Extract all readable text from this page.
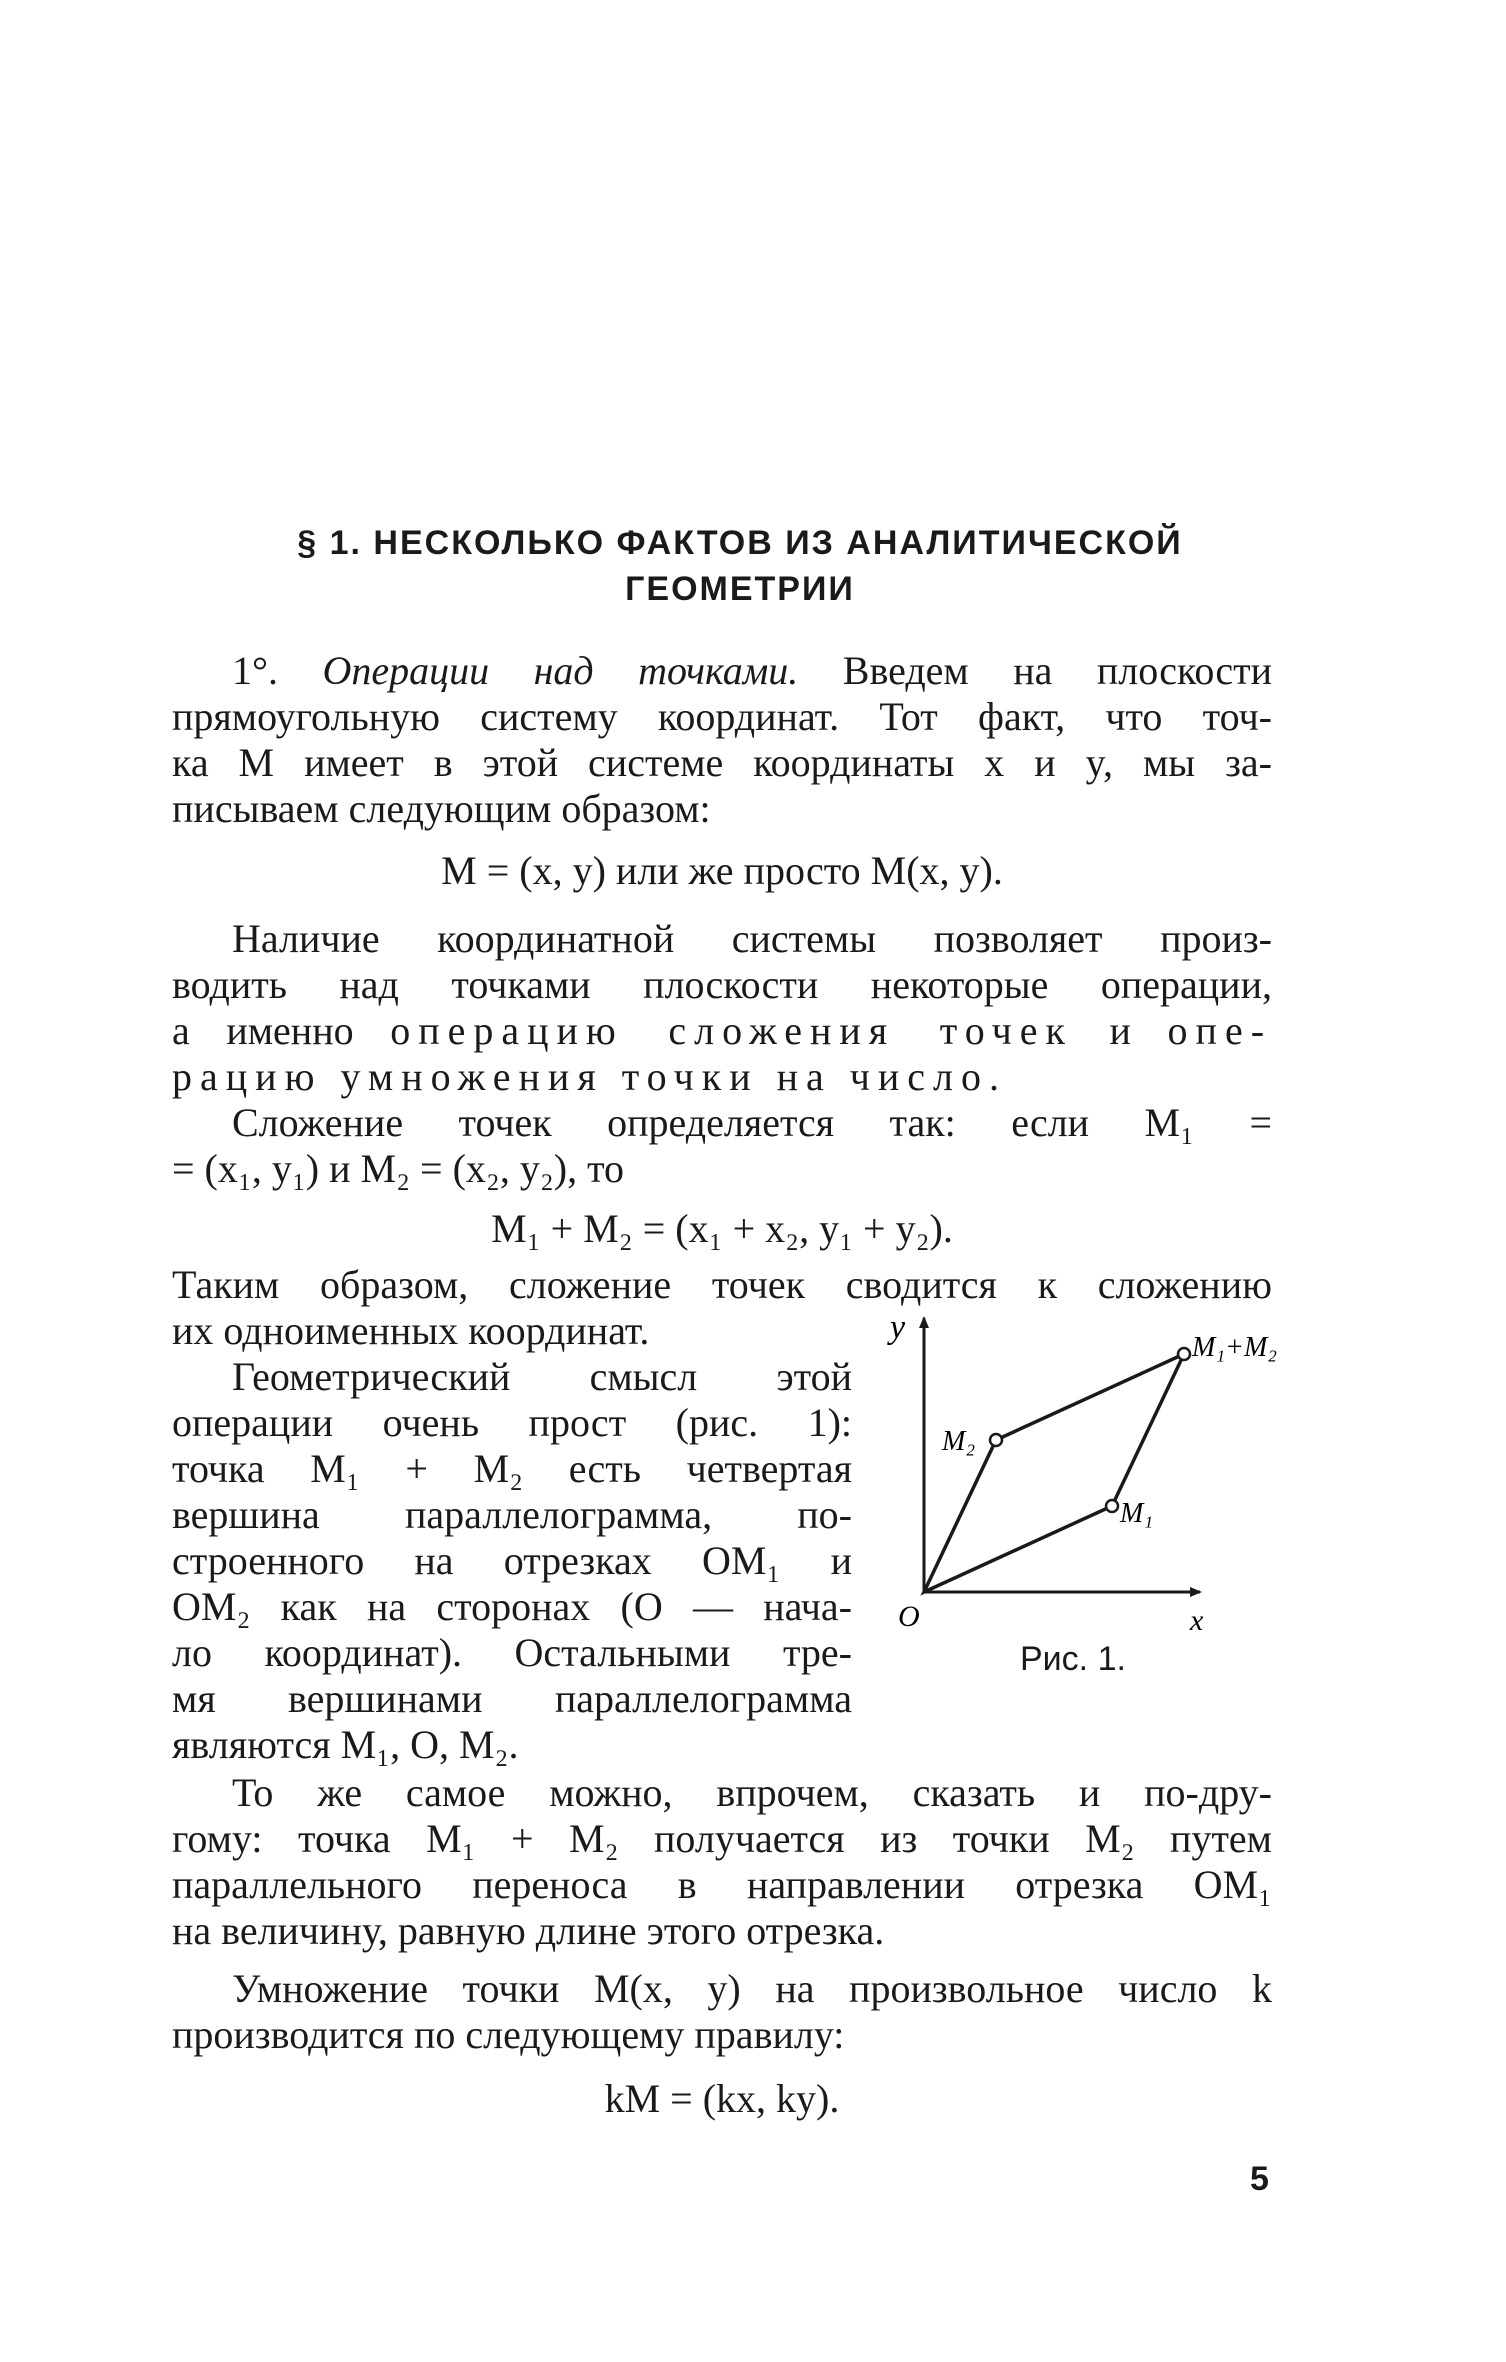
§ 1. НЕСКОЛЬКО ФАКТОВ ИЗ АНАЛИТИЧЕСКОЙ
ГЕОМЕТРИИ
1°. Операции над точками. Введем на плоскости
прямоугольную систему координат. Тот факт, что точ-
ка M имеет в этой системе координаты x и y, мы за-
писываем следующим образом:
M = (x, y) или же просто M(x, y).
Наличие координатной системы позволяет произ-
водить над точками плоскости некоторые операции,
а именно операцию сложения точек и опе-
рацию умножения точки на число.
Сложение точек определяется так: если M₁ =
= (x₁, y₁) и M₂ = (x₂, y₂), то
M₁ + M₂ = (x₁ + x₂, y₁ + y₂).
Таким образом, сложение точек сводится к сложению
их одноименных координат.
Геометрический смысл этой
операции очень прост (рис. 1):
точка M₁ + M₂ есть четвертая
вершина параллелограмма, по-
строенного на отрезках OM₁ и
OM₂ как на сторонах (O — нача-
ло координат). Остальными тре-
мя вершинами параллелограмма
являются M₁, O, M₂.
То же самое можно, впрочем, сказать и по-дру-
гому: точка M₁ + M₂ получается из точки M₂ путем
параллельного переноса в направлении отрезка OM₁
на величину, равную длине этого отрезка.
Умножение точки M(x, y) на произвольное число k
производится по следующему правилу:
kM = (kx, ky).
y
x
O
M₁
M₂
M₁+M₂
Рис. 1.
5
